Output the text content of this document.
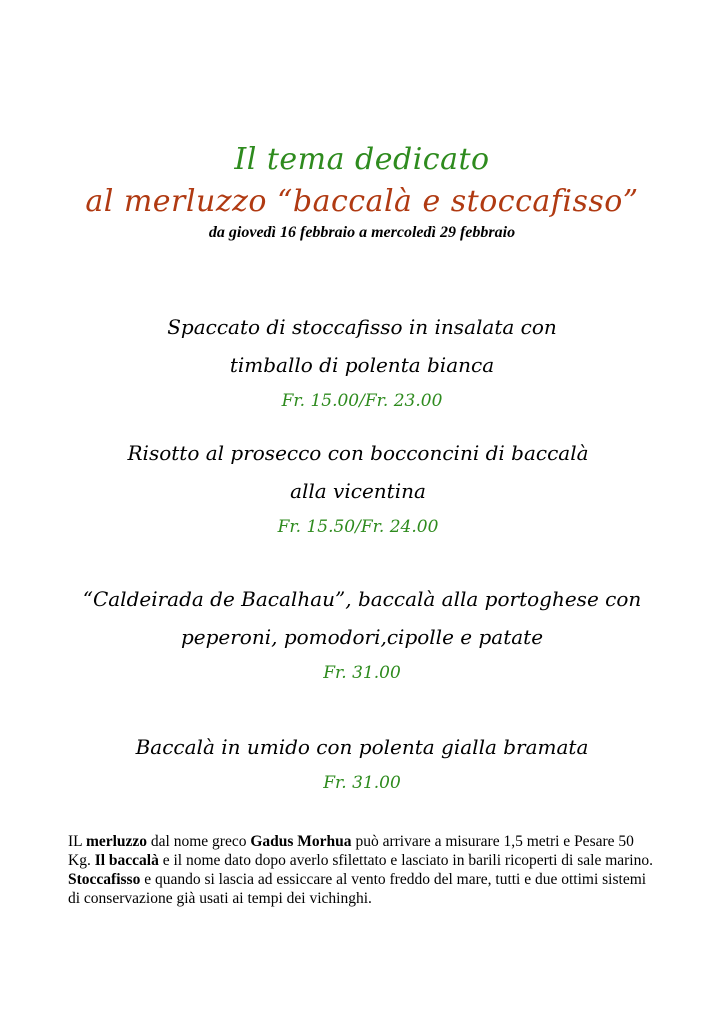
Il tema dedicato
al merluzzo “baccalà e stoccafisso”
da giovedì 16 febbraio a mercoledì 29 febbraio
Spaccato di stoccafisso in insalata con
timballo di polenta bianca
Fr. 15.00/Fr. 23.00
Risotto al prosecco con bocconcini di baccalà
alla vicentina
Fr. 15.50/Fr. 24.00
“Caldeirada de Bacalhau”, baccalà alla portoghese con
peperoni, pomodori,cipolle e patate
Fr. 31.00
Baccalà in umido con polenta gialla bramata
Fr. 31.00

IL merluzzo dal nome greco Gadus Morhua può arrivare a misurare 1,5 metri e Pesare 50 Kg. Il baccalà e il nome dato dopo averlo sfilettato e lasciato in barili ricoperti di sale marino.

Stoccafisso e quando si lascia ad essiccare al vento freddo del mare, tutti e due ottimi sistemi di conservazione già usati ai tempi dei vichinghi.
